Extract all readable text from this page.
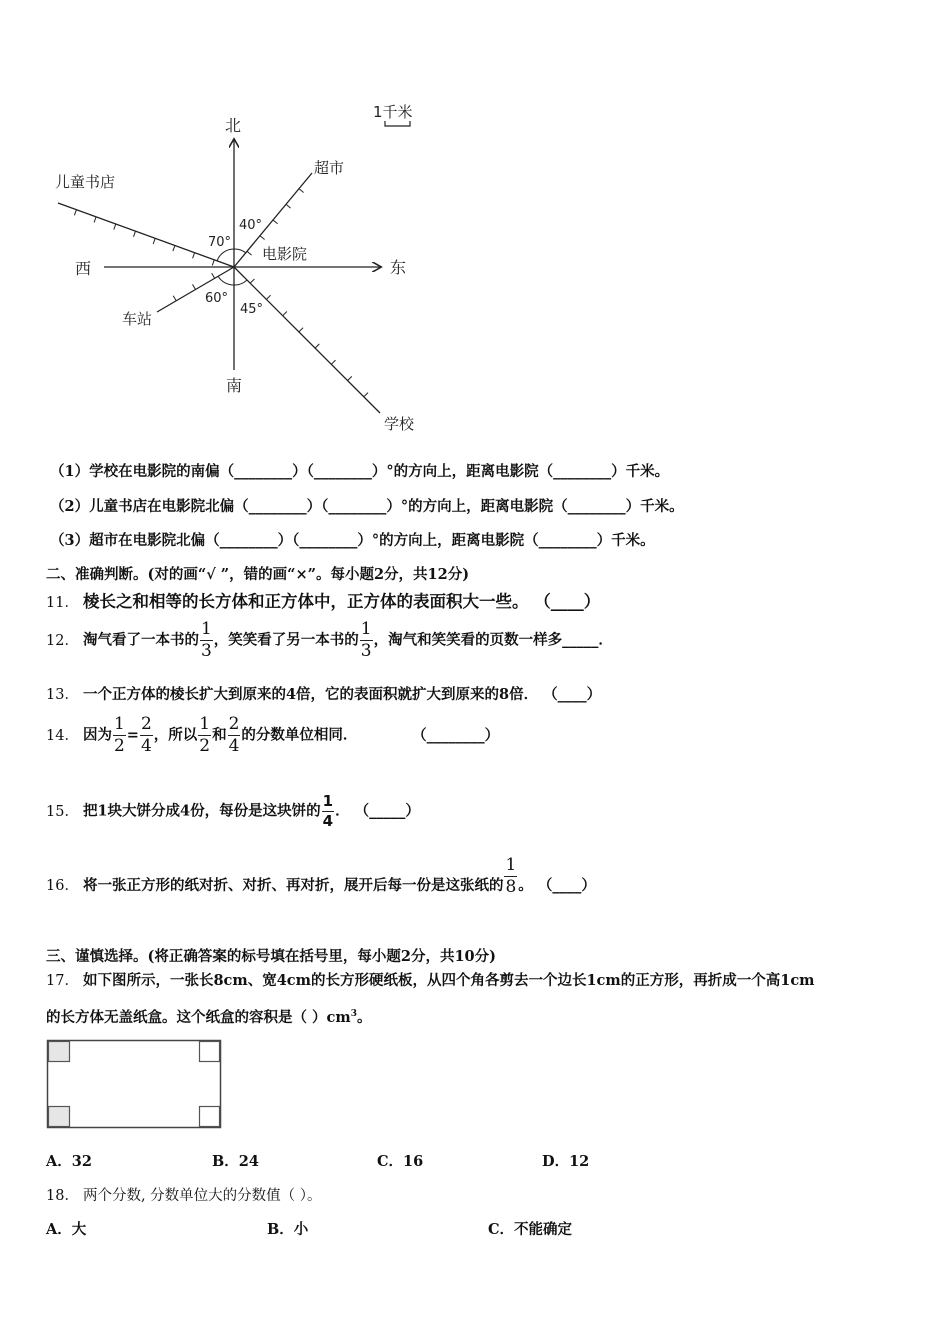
1千米
北
南
东
西
电影院
儿童书店
超市
车站
学校
70°
40°
60°
45°
（1）学校在电影院的南偏（________）（________）°的方向上，距离电影院（________）千米。
（2）儿童书店在电影院北偏（________）（________）°的方向上，距离电影院（________）千米。
（3）超市在电影院北偏（________）（________）°的方向上，距离电影院（________）千米。
二、准确判断。(对的画“√ ”，错的画“×”。每小题2分，共12分)
11． 棱长之和相等的长方体和正方体中，正方体的表面积大一些。 （____）
12． 淘气看了一本书的 $\frac{1}{3}$ ，笑笑看了另一本书的 $\frac{1}{3}$ ，淘气和笑笑看的页数一样多_____．
13． 一个正方体的棱长扩大到原来的4倍，它的表面积就扩大到原来的8倍． （____）
14． 因为 $\frac{1}{2} = \frac{2}{4}$ ，所以 $\frac{1}{2}$ 和 $\frac{2}{4}$ 的分数单位相同．	（________）
15． 把1块大饼分成4份，每份是这块饼的 $\frac{1}{4}$ ． （_____）
16． 将一张正方形的纸对折、对折、再对折，展开后每一份是这张纸的 $\frac{1}{8}$ 。 （____）
三、谨慎选择。(将正确答案的标号填在括号里，每小题2分，共10分)
17． 如下图所示，一张长8cm、宽4cm的长方形硬纸板，从四个角各剪去一个边长1cm的正方形，再折成一个高1cm
的长方体无盖纸盒。这个纸盒的容积是（ ）$cm^3$。
A．32	B．24	C．16	D．12
18． 两个分数, 分数单位大的分数值（ ）。
A．大	B．小	C．不能确定
